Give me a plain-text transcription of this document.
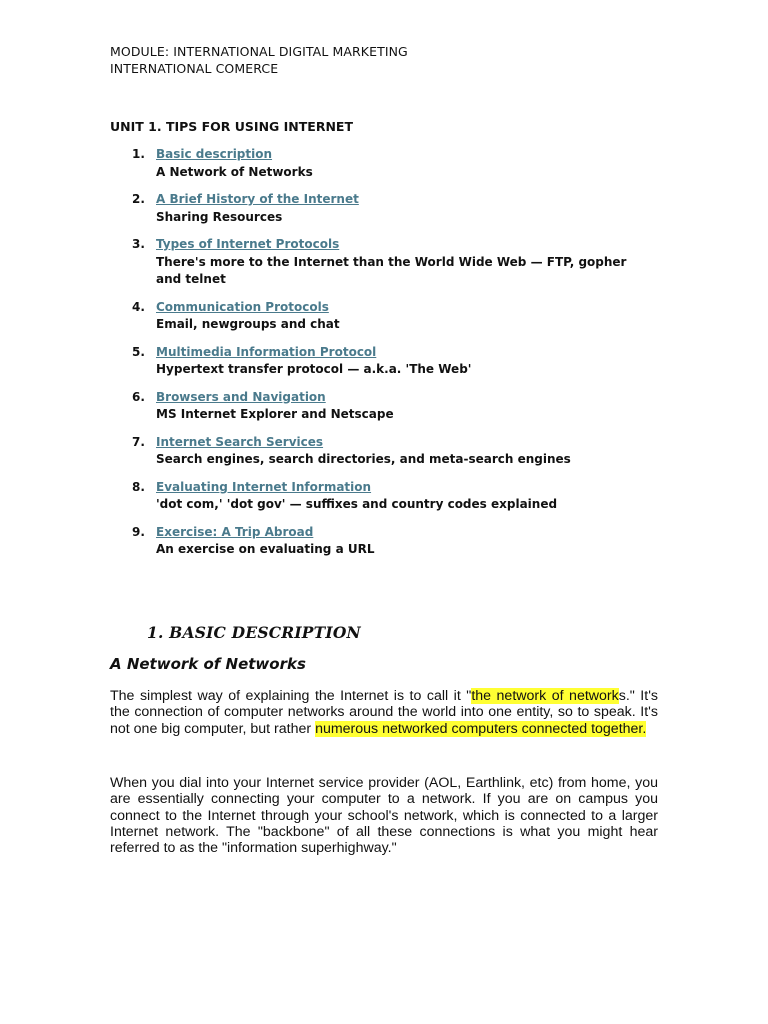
MODULE: INTERNATIONAL DIGITAL MARKETING
INTERNATIONAL COMERCE
UNIT 1. TIPS FOR USING INTERNET
1. Basic description
A Network of Networks
2. A Brief History of the Internet
Sharing Resources
3. Types of Internet Protocols
There's more to the Internet than the World Wide Web — FTP, gopher and telnet
4. Communication Protocols
Email, newgroups and chat
5. Multimedia Information Protocol
Hypertext transfer protocol — a.k.a. 'The Web'
6. Browsers and Navigation
MS Internet Explorer and Netscape
7. Internet Search Services
Search engines, search directories, and meta-search engines
8. Evaluating Internet Information
'dot com,' 'dot gov' — suffixes and country codes explained
9. Exercise: A Trip Abroad
An exercise on evaluating a URL
1. BASIC DESCRIPTION
A Network of Networks
The simplest way of explaining the Internet is to call it "the network of networks." It's the connection of computer networks around the world into one entity, so to speak. It's not one big computer, but rather numerous networked computers connected together.
When you dial into your Internet service provider (AOL, Earthlink, etc) from home, you are essentially connecting your computer to a network. If you are on campus you connect to the Internet through your school's network, which is connected to a larger Internet network. The "backbone" of all these connections is what you might hear referred to as the "information superhighway."
